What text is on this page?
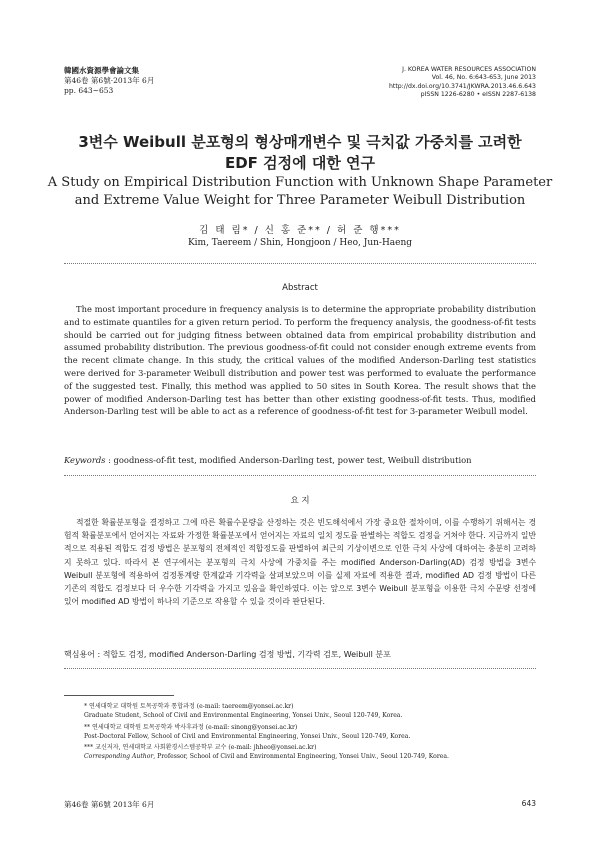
韓國水資源學會論文集
第46卷 第6號·2013年 6月
pp. 643~653
J. KOREA WATER RESOURCES ASSOCIATION
Vol. 46, No. 6:643-653, June 2013
http://dx.doi.org/10.3741/JKWRA.2013.46.6.643
pISSN 1226-6280 • eISSN 2287-6138
3변수 Weibull 분포형의 형상매개변수 및 극치값 가중치를 고려한
EDF 검정에 대한 연구
A Study on Empirical Distribution Function with Unknown Shape Parameter
and Extreme Value Weight for Three Parameter Weibull Distribution
김 태 림* / 신 홍 준** / 허 준 행***
Kim, Taereem / Shin, Hongjoon / Heo, Jun-Haeng
Abstract
The most important procedure in frequency analysis is to determine the appropriate probability distribution and to estimate quantiles for a given return period. To perform the frequency analysis, the goodness-of-fit tests should be carried out for judging fitness between obtained data from empirical probability distribution and assumed probability distribution. The previous goodness-of-fit could not consider enough extreme events from the recent climate change. In this study, the critical values of the modified Anderson-Darling test statistics were derived for 3-parameter Weibull distribution and power test was performed to evaluate the performance of the suggested test. Finally, this method was applied to 50 sites in South Korea. The result shows that the power of modified Anderson-Darling test has better than other existing goodness-of-fit tests. Thus, modified Anderson-Darling test will be able to act as a reference of goodness-of-fit test for 3-parameter Weibull model.
Keywords : goodness-of-fit test, modified Anderson-Darling test, power test, Weibull distribution
요 지
적절한 확률분포형을 결정하고 그에 따른 확률수문량을 산정하는 것은 빈도해석에서 가장 중요한 절차이며, 이를 수행하기 위해서는 경험적 확률분포에서 얻어지는 자료와 가정한 확률분포에서 얻어지는 자료의 일치 정도를 판별하는 적합도 검정을 거쳐야 한다. 지금까지 일반적으로 적용된 적합도 검정 방법은 분포형의 전체적인 적합정도를 판별하여 최근의 기상이변으로 인한 극치 사상에 대하여는 충분히 고려하지 못하고 있다. 따라서 본 연구에서는 분포형의 극치 사상에 가중치를 주는 modified Anderson-Darling(AD) 검정 방법을 3변수 Weibull 분포형에 적용하여 검정통계량 한계값과 기각력을 살펴보았으며 이를 실제 자료에 적용한 결과, modified AD 검정 방법이 다른 기존의 적합도 검정보다 더 우수한 기각력을 가지고 있음을 확인하였다. 이는 앞으로 3변수 Weibull 분포형을 이용한 극치 수문량 선정에 있어 modified AD 방법이 하나의 기준으로 작용할 수 있을 것이라 판단된다.
핵심용어 : 적합도 검정, modified Anderson-Darling 검정 방법, 기각력 검토, Weibull 분포
* 연세대학교 대학원 토목공학과 통합과정 (e-mail: taereem@yonsei.ac.kr)
Graduate Student, School of Civil and Environmental Engineering, Yonsei Univ., Seoul 120-749, Korea.
** 연세대학교 대학원 토목공학과 박사후과정 (e-mail: sinong@yonsei.ac.kr)
Post-Doctoral Fellow, School of Civil and Environmental Engineering, Yonsei Univ., Seoul 120-749, Korea.
*** 교신저자, 연세대학교 사회환경시스템공학부 교수 (e-mail: jhheo@yonsei.ac.kr)
Corresponding Author, Professor, School of Civil and Environmental Engineering, Yonsei Univ., Seoul 120-749, Korea.
第46卷 第6號 2013年 6月	643
